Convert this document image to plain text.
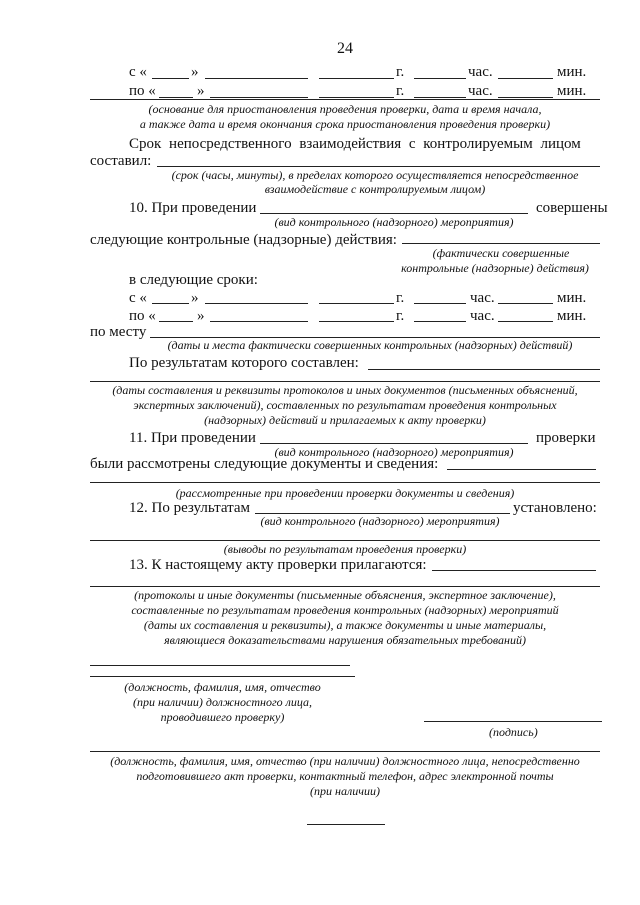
24
с «	»	г.	час.	мин.
по «	»	г.	час.	мин.
(основание для приостановления проведения проверки, дата и время начала,
а также дата и время окончания срока приостановления проведения проверки)
Срок непосредственного взаимодействия с контролируемым лицом
составил:
(срок (часы, минуты), в пределах которого осуществляется непосредственное
взаимодействие с контролируемым лицом)
10. При проведении	совершены
(вид контрольного (надзорного) мероприятия)
следующие контрольные (надзорные) действия:
(фактически совершенные
контрольные (надзорные) действия)
в следующие сроки:
с «	»	г.	час.	мин.
по «	»	г.	час.	мин.
по месту
(даты и места фактически совершенных контрольных (надзорных) действий)
По результатам которого составлен:
(даты составления и реквизиты протоколов и иных документов (письменных объяснений,
экспертных заключений), составленных по результатам проведения контрольных
(надзорных) действий и прилагаемых к акту проверки)
11. При проведении	проверки
(вид контрольного (надзорного) мероприятия)
были рассмотрены следующие документы и сведения:
(рассмотренные при проведении проверки документы и сведения)
12. По результатам	установлено:
(вид контрольного (надзорного) мероприятия)
(выводы по результатам проведения проверки)
13. К настоящему акту проверки прилагаются:
(протоколы и иные документы (письменные объяснения, экспертное заключение),
составленные по результатам проведения контрольных (надзорных) мероприятий
(даты их составления и реквизиты), а также документы и иные материалы,
являющиеся доказательствами нарушения обязательных требований)
(должность, фамилия, имя, отчество
(при наличии) должностного лица,
проводившего проверку)
(подпись)
(должность, фамилия, имя, отчество (при наличии) должностного лица, непосредственно
подготовившего акт проверки, контактный телефон, адрес электронной почты
(при наличии)
